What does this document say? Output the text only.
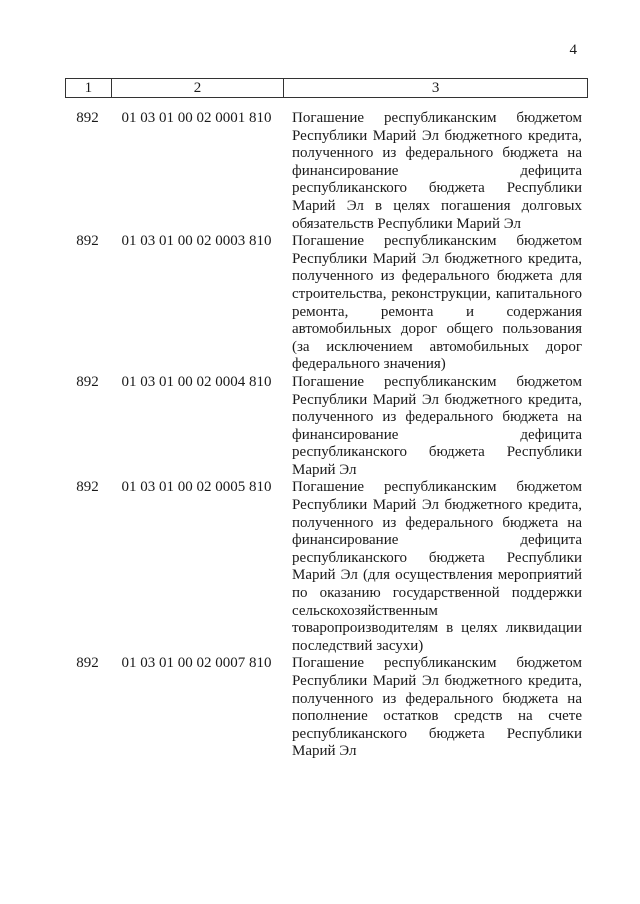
4
1	2	3
892	01 03 01 00 02 0001 810	Погашение республиканским бюджетом Республики Марий Эл бюджетного кредита, полученного из федерального бюджета на финансирование дефицита республиканского бюджета Республики Марий Эл в целях погашения долговых обязательств Республики Марий Эл
892	01 03 01 00 02 0003 810	Погашение республиканским бюджетом Республики Марий Эл бюджетного кредита, полученного из федерального бюджета для строительства, реконструкции, капитального ремонта, ремонта и содержания автомобильных дорог общего пользования (за исключением автомобильных дорог федерального значения)
892	01 03 01 00 02 0004 810	Погашение республиканским бюджетом Республики Марий Эл бюджетного кредита, полученного из федерального бюджета на финансирование дефицита республиканского бюджета Республики Марий Эл
892	01 03 01 00 02 0005 810	Погашение республиканским бюджетом Республики Марий Эл бюджетного кредита, полученного из федерального бюджета на финансирование дефицита республиканского бюджета Республики Марий Эл (для осуществления мероприятий по оказанию государственной поддержки сельскохозяйственным товаропроизводителям в целях ликвидации последствий засухи)
892	01 03 01 00 02 0007 810	Погашение республиканским бюджетом Республики Марий Эл бюджетного кредита, полученного из федерального бюджета на пополнение остатков средств на счете республиканского бюджета Республики Марий Эл
